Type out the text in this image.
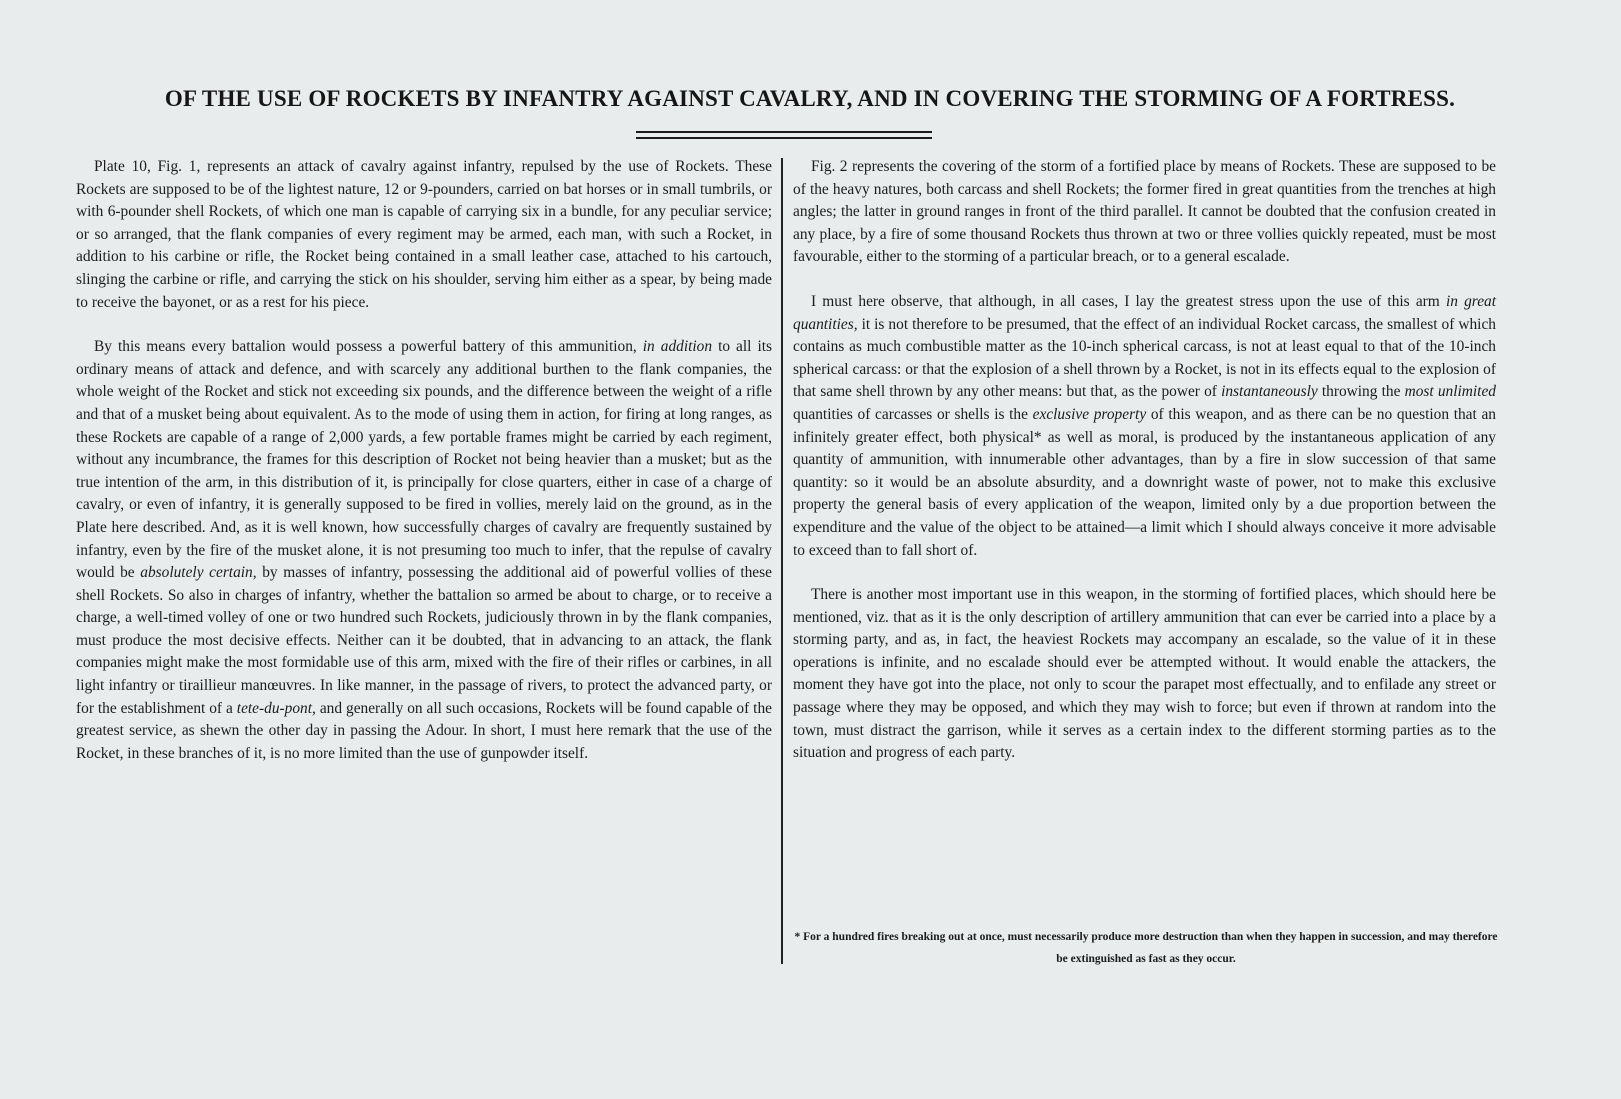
OF THE USE OF ROCKETS BY INFANTRY AGAINST CAVALRY, AND IN COVERING THE STORMING OF A FORTRESS.

Plate 10, Fig. 1, represents an attack of cavalry against infantry, repulsed by the use of Rockets. These Rockets are supposed to be of the lightest nature, 12 or 9-pounders, carried on bat horses or in small tumbrils, or with 6-pounder shell Rockets, of which one man is capable of carrying six in a bundle, for any peculiar service; or so arranged, that the flank companies of every regiment may be armed, each man, with such a Rocket, in addition to his carbine or rifle, the Rocket being contained in a small leather case, attached to his cartouch, slinging the carbine or rifle, and carrying the stick on his shoulder, serving him either as a spear, by being made to receive the bayonet, or as a rest for his piece.

By this means every battalion would possess a powerful battery of this ammunition, in addition to all its ordinary means of attack and defence, and with scarcely any additional burthen to the flank companies, the whole weight of the Rocket and stick not exceeding six pounds, and the difference between the weight of a rifle and that of a musket being about equivalent. As to the mode of using them in action, for firing at long ranges, as these Rockets are capable of a range of 2,000 yards, a few portable frames might be carried by each regiment, without any incumbrance, the frames for this description of Rocket not being heavier than a musket; but as the true intention of the arm, in this distribution of it, is principally for close quarters, either in case of a charge of cavalry, or even of infantry, it is generally supposed to be fired in vollies, merely laid on the ground, as in the Plate here described. And, as it is well known, how successfully charges of cavalry are frequently sustained by infantry, even by the fire of the musket alone, it is not presuming too much to infer, that the repulse of cavalry would be absolutely certain, by masses of infantry, possessing the additional aid of powerful vollies of these shell Rockets. So also in charges of infantry, whether the battalion so armed be about to charge, or to receive a charge, a well-timed volley of one or two hundred such Rockets, judiciously thrown in by the flank companies, must produce the most decisive effects. Neither can it be doubted, that in advancing to an attack, the flank companies might make the most formidable use of this arm, mixed with the fire of their rifles or carbines, in all light infantry or tiraillieur manœuvres. In like manner, in the passage of rivers, to protect the advanced party, or for the establishment of a tete-du-pont, and generally on all such occasions, Rockets will be found capable of the greatest service, as shewn the other day in passing the Adour. In short, I must here remark that the use of the Rocket, in these branches of it, is no more limited than the use of gunpowder itself.

Fig. 2 represents the covering of the storm of a fortified place by means of Rockets. These are supposed to be of the heavy natures, both carcass and shell Rockets; the former fired in great quantities from the trenches at high angles; the latter in ground ranges in front of the third parallel. It cannot be doubted that the confusion created in any place, by a fire of some thousand Rockets thus thrown at two or three vollies quickly repeated, must be most favourable, either to the storming of a particular breach, or to a general escalade.

I must here observe, that although, in all cases, I lay the greatest stress upon the use of this arm in great quantities, it is not therefore to be presumed, that the effect of an individual Rocket carcass, the smallest of which contains as much combustible matter as the 10-inch spherical carcass, is not at least equal to that of the 10-inch spherical carcass: or that the explosion of a shell thrown by a Rocket, is not in its effects equal to the explosion of that same shell thrown by any other means: but that, as the power of instantaneously throwing the most unlimited quantities of carcasses or shells is the exclusive property of this weapon, and as there can be no question that an infinitely greater effect, both physical* as well as moral, is produced by the instantaneous application of any quantity of ammunition, with innumerable other advantages, than by a fire in slow succession of that same quantity: so it would be an absolute absurdity, and a downright waste of power, not to make this exclusive property the general basis of every application of the weapon, limited only by a due proportion between the expenditure and the value of the object to be attained—a limit which I should always conceive it more advisable to exceed than to fall short of.

There is another most important use in this weapon, in the storming of fortified places, which should here be mentioned, viz. that as it is the only description of artillery ammunition that can ever be carried into a place by a storming party, and as, in fact, the heaviest Rockets may accompany an escalade, so the value of it in these operations is infinite, and no escalade should ever be attempted without. It would enable the attackers, the moment they have got into the place, not only to scour the parapet most effectually, and to enfilade any street or passage where they may be opposed, and which they may wish to force; but even if thrown at random into the town, must distract the garrison, while it serves as a certain index to the different storming parties as to the situation and progress of each party.

* For a hundred fires breaking out at once, must necessarily produce more destruction than when they happen in succession, and may therefore be extinguished as fast as they occur.
